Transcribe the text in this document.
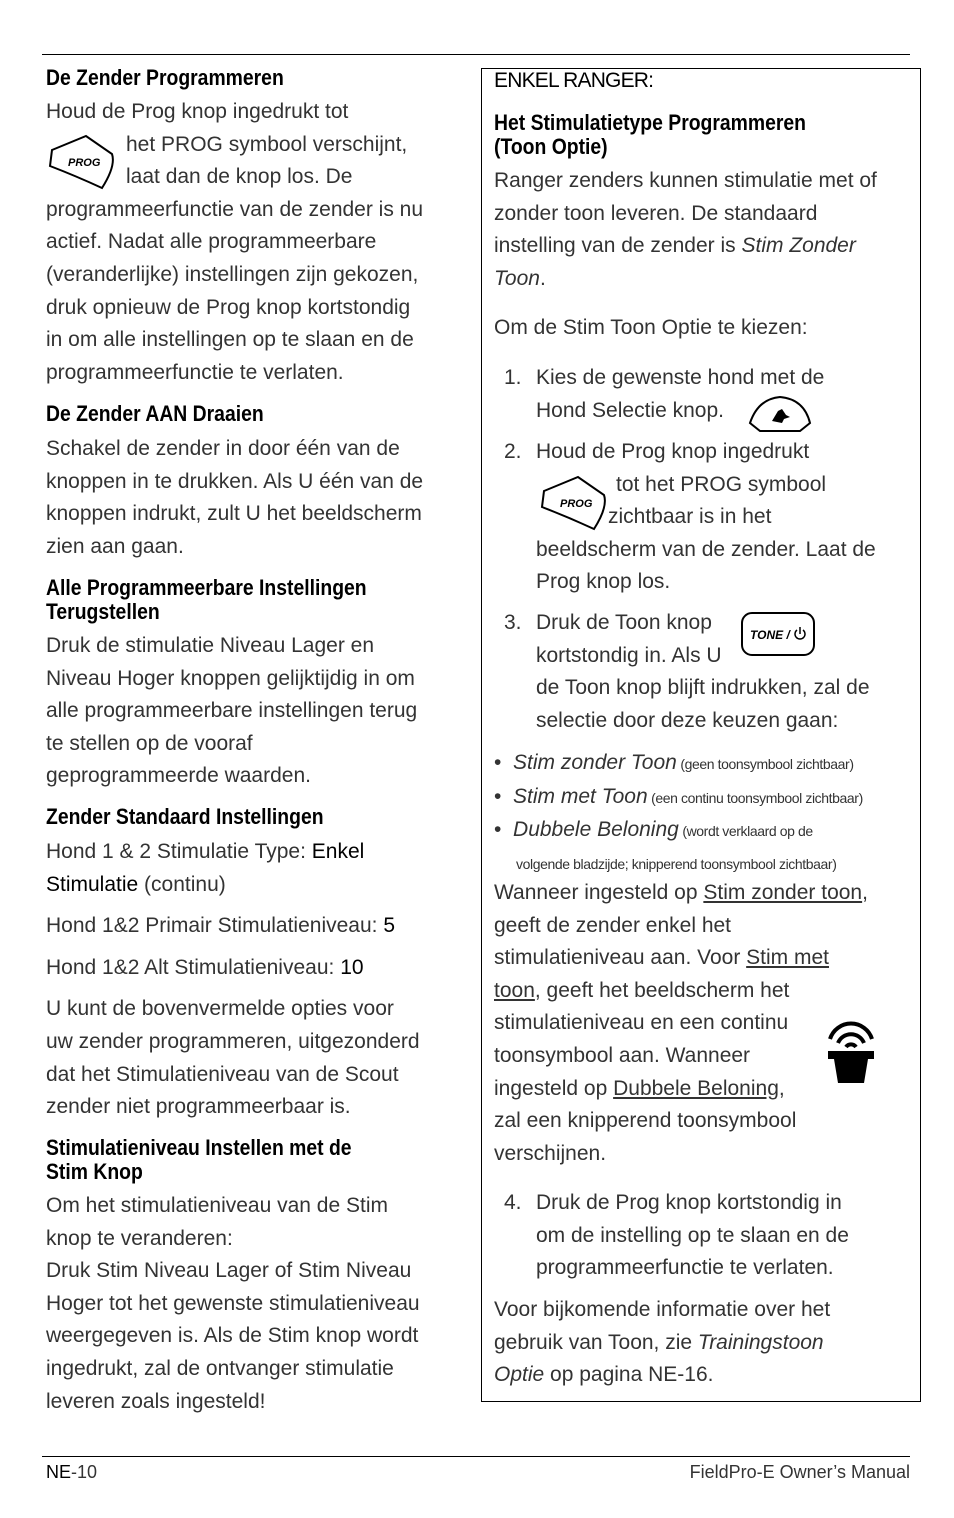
De Zender Programmeren

Houd de Prog knop ingedrukt tot

het PROG symbool verschijnt,

laat dan de knop los. De

programmeerfunctie van de zender is nu

actief. Nadat alle programmeerbare

(veranderlijke) instellingen zijn gekozen,

druk opnieuw de Prog knop kortstondig

in om alle instellingen op te slaan en de

programmeerfunctie te verlaten.

PROG
De Zender AAN Draaien

Schakel de zender in door één van de

knoppen in te drukken. Als U één van de

knoppen indrukt, zult U het beeldscherm

zien aan gaan.

Alle Programmeerbare Instellingen
Terugstellen

Druk de stimulatie Niveau Lager en

Niveau Hoger knoppen gelijktijdig in om

alle programmeerbare instellingen terug

te stellen op de vooraf

geprogrammeerde waarden.

Zender Standaard Instellingen

Hond 1 & 2 Stimulatie Type: Enkel

Stimulatie (continu)

Hond 1&2 Primair Stimulatieniveau: 5

Hond 1&2 Alt Stimulatieniveau: 10

U kunt de bovenvermelde opties voor

uw zender programmeren, uitgezonderd

dat het Stimulatieniveau van de Scout

zender niet programmeerbaar is.

Stimulatieniveau Instellen met de
Stim Knop

Om het stimulatieniveau van de Stim

knop te veranderen:

Druk Stim Niveau Lager of Stim Niveau

Hoger tot het gewenste stimulatieniveau

weergegeven is. Als de Stim knop wordt

ingedrukt, zal de ontvanger stimulatie

leveren zoals ingesteld!

ENKEL RANGER:

Het Stimulatietype Programmeren
(Toon Optie)

Ranger zenders kunnen stimulatie met of

zonder toon leveren. De standaard

instelling van de zender is Stim Zonder

Toon.

Om de Stim Toon Optie te kiezen:

1. Kies de gewenste hond met de

Hond Selectie knop.

2. Houd de Prog knop ingedrukt

tot het PROG symbool

zichtbaar is in het

beeldscherm van de zender. Laat de

Prog knop los.

PROG

3. Druk de Toon knop

kortstondig in. Als U

de Toon knop blijft indrukken, zal de

selectie door deze keuzen gaan:

TONE /

•  Stim zonder Toon (geen toonsymbool zichtbaar)

•  Stim met Toon (een continu toonsymbool zichtbaar)

•  Dubbele Beloning (wordt verklaard op de

volgende bladzijde; knipperend toonsymbool zichtbaar)

Wanneer ingesteld op Stim zonder toon,

geeft de zender enkel het

stimulatieniveau aan. Voor Stim met

toon, geeft het beeldscherm het

stimulatieniveau en een continu

toonsymbool aan. Wanneer

ingesteld op Dubbele Beloning,

zal een knipperend toonsymbool

verschijnen.

4. Druk de Prog knop kortstondig in

om de instelling op te slaan en de

programmeerfunctie te verlaten.

Voor bijkomende informatie over het

gebruik van Toon, zie Trainingstoon

Optie op pagina NE-16.

NE-10	FieldPro-E Owner’s Manual
